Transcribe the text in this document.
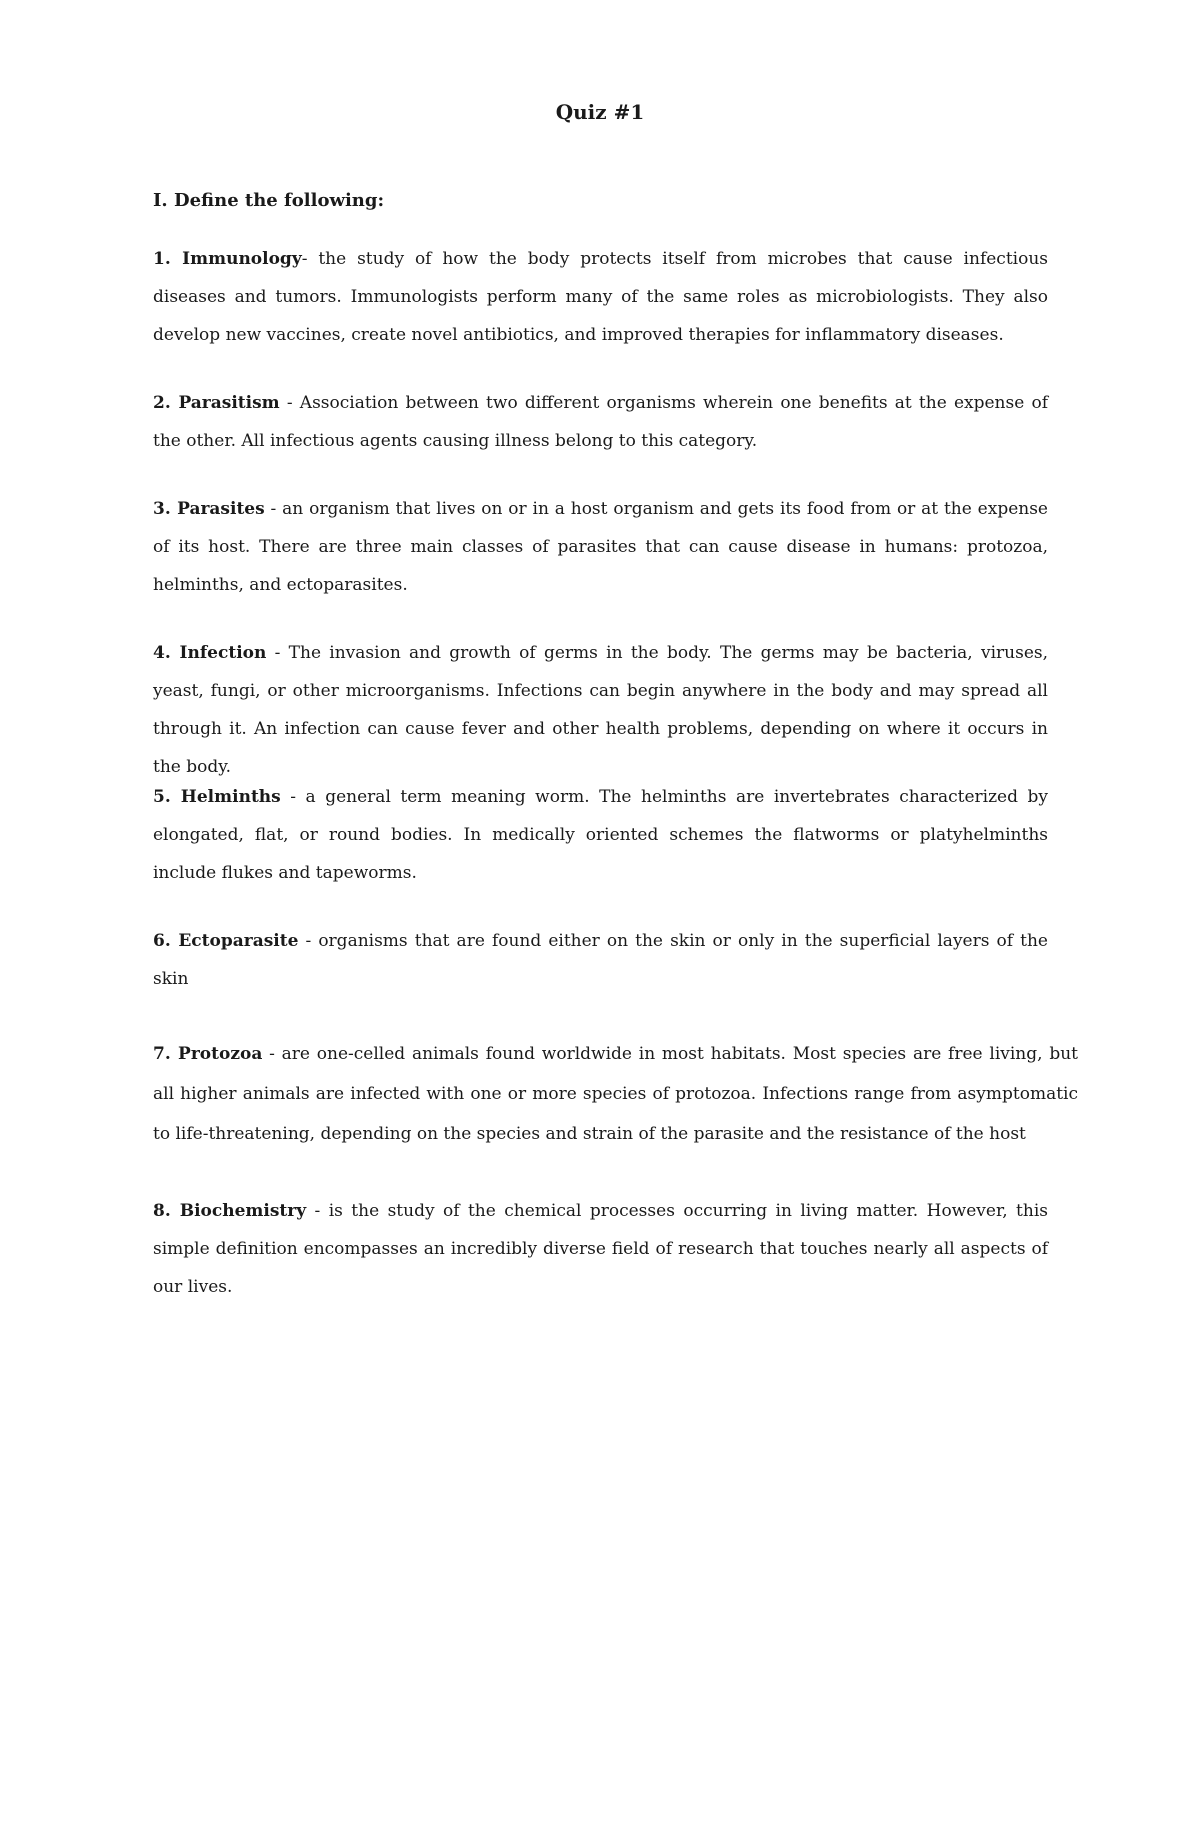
Quiz #1
I. Define the following:

1. Immunology- the study of how the body protects itself from microbes that cause infectious diseases and tumors. Immunologists perform many of the same roles as microbiologists. They also develop new vaccines, create novel antibiotics, and improved therapies for inflammatory diseases.

2. Parasitism - Association between two different organisms wherein one benefits at the expense of the other. All infectious agents causing illness belong to this category.

3. Parasites - an organism that lives on or in a host organism and gets its food from or at the expense of its host. There are three main classes of parasites that can cause disease in humans: protozoa, helminths, and ectoparasites.

4. Infection - The invasion and growth of germs in the body. The germs may be bacteria, viruses, yeast, fungi, or other microorganisms. Infections can begin anywhere in the body and may spread all through it. An infection can cause fever and other health problems, depending on where it occurs in the body.

5. Helminths - a general term meaning worm. The helminths are invertebrates characterized by elongated, flat, or round bodies. In medically oriented schemes the flatworms or platyhelminths include flukes and tapeworms.

6. Ectoparasite - organisms that are found either on the skin or only in the superficial layers of the skin

7. Protozoa - are one-celled animals found worldwide in most habitats. Most species are free living, but all higher animals are infected with one or more species of protozoa. Infections range from asymptomatic to life-threatening, depending on the species and strain of the parasite and the resistance of the host

8. Biochemistry - is the study of the chemical processes occurring in living matter. However, this simple definition encompasses an incredibly diverse field of research that touches nearly all aspects of our lives.
